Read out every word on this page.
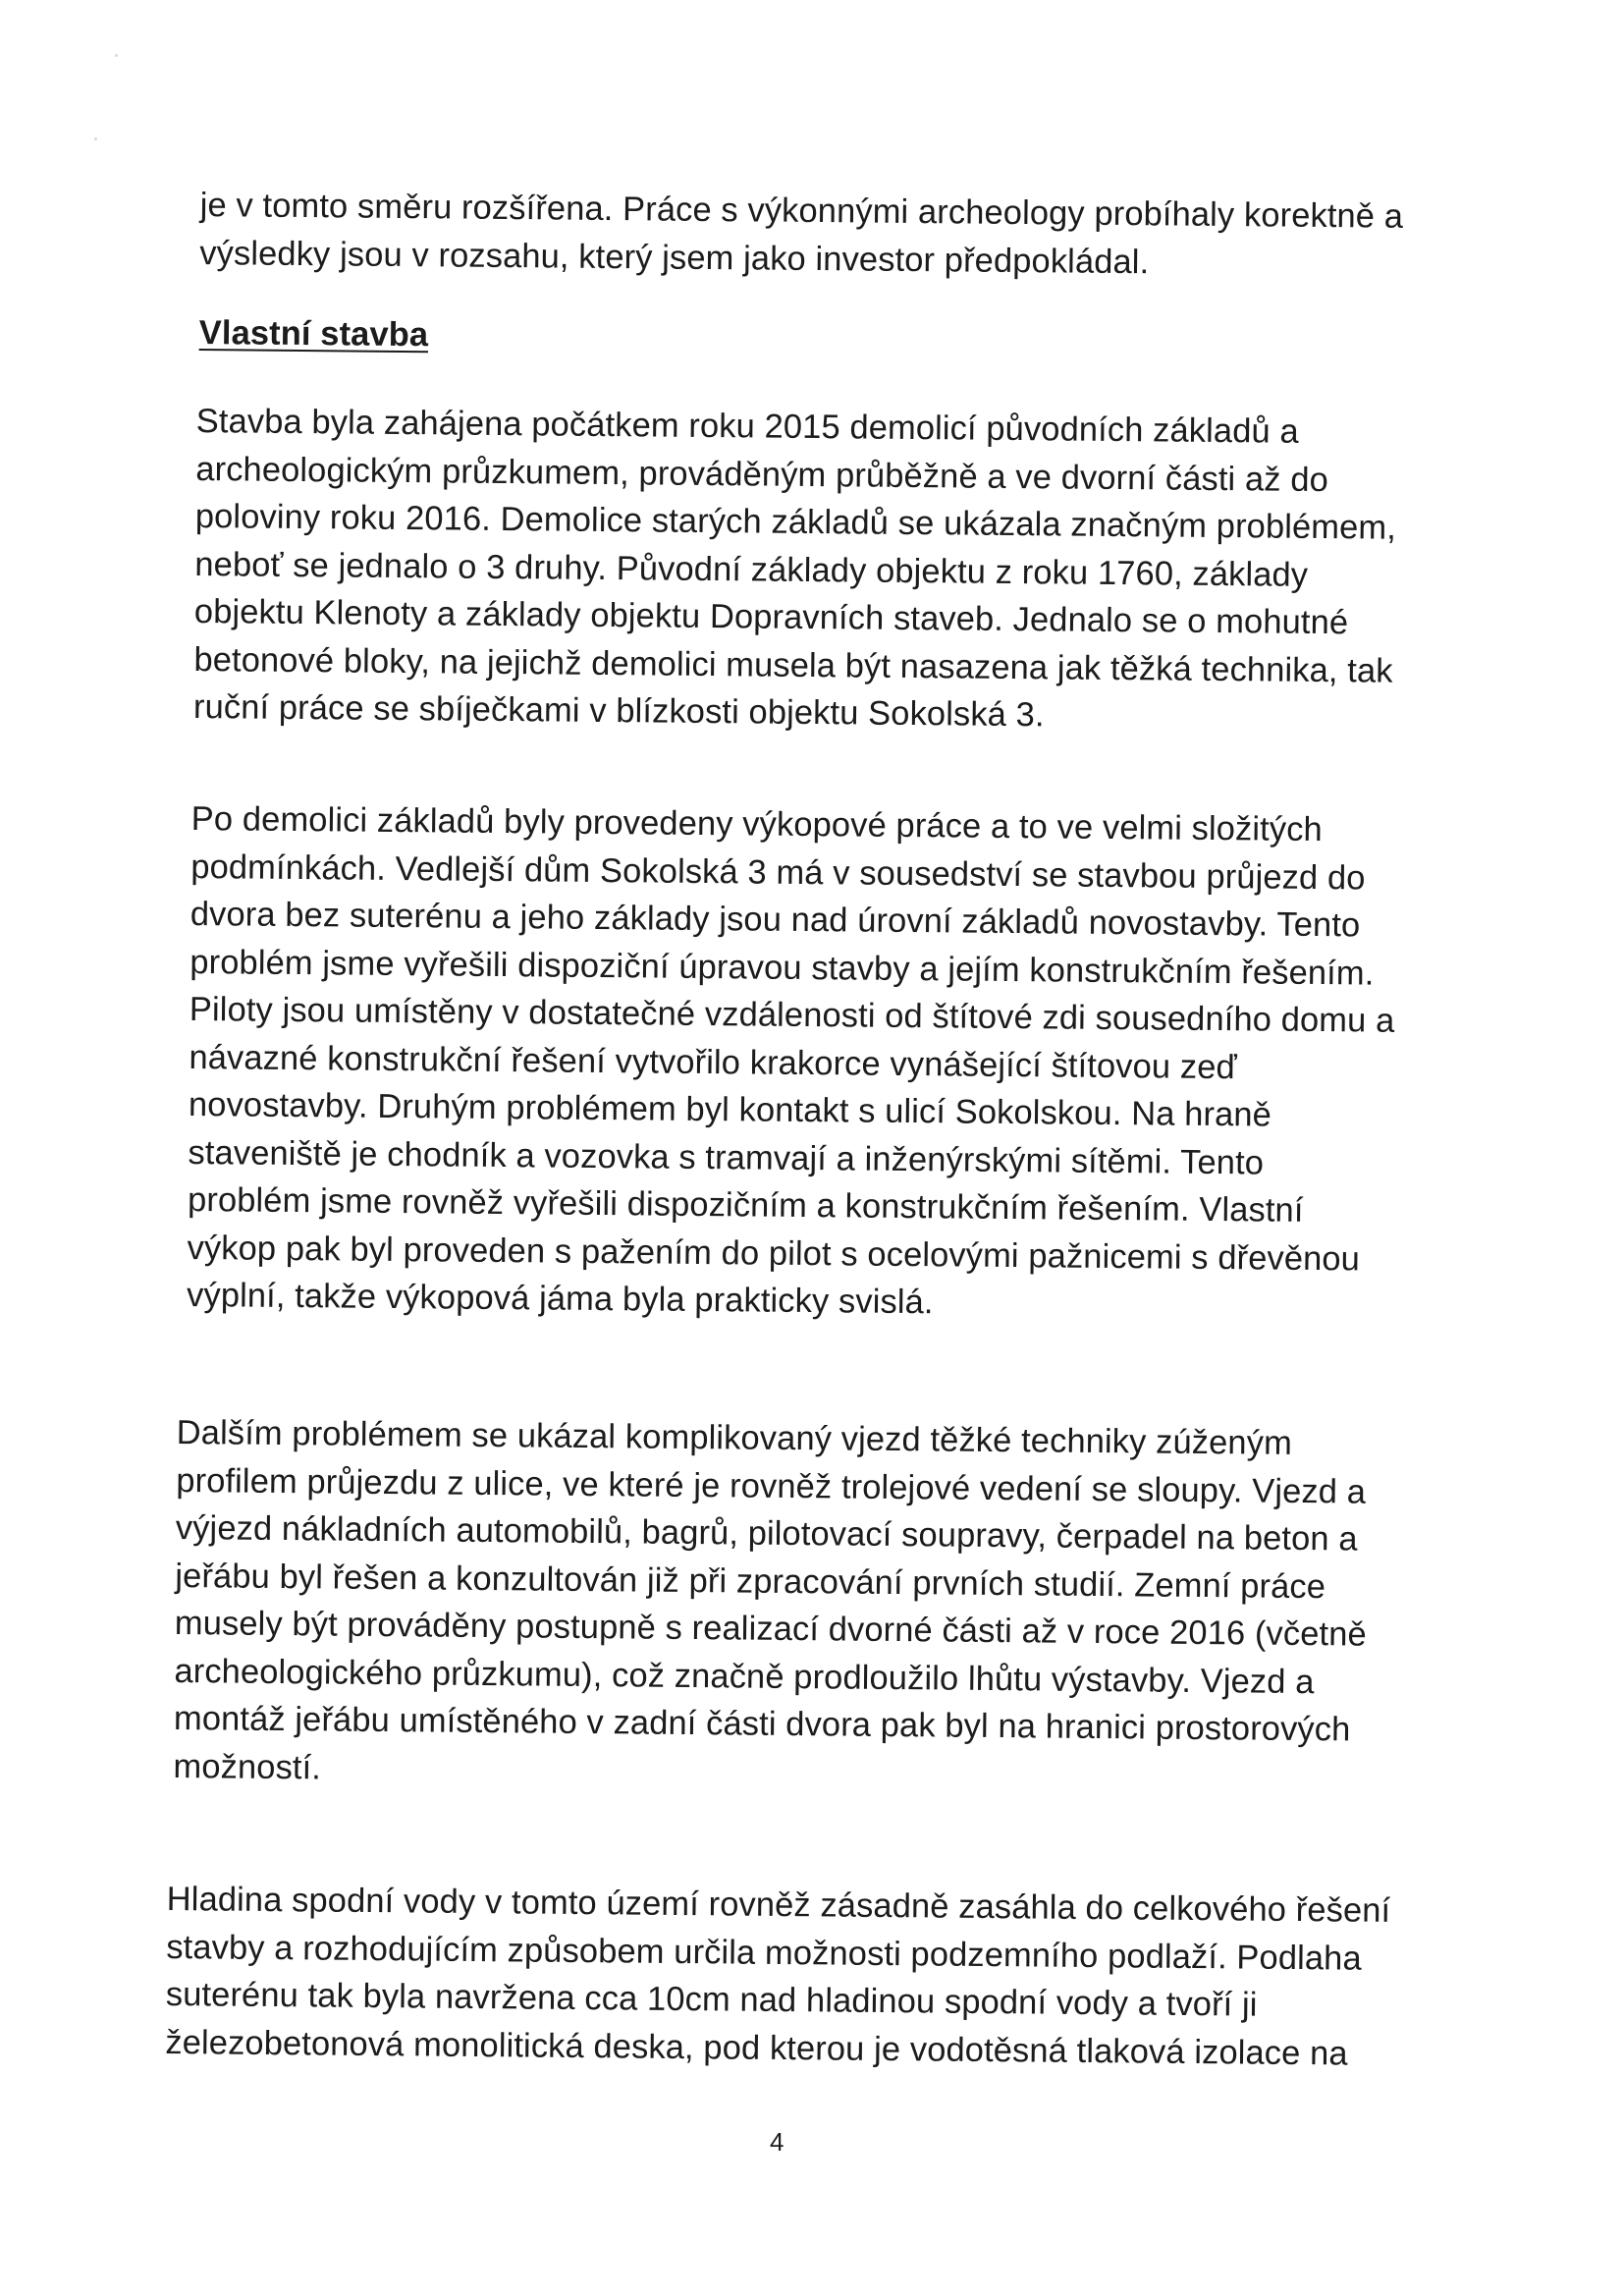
je v tomto směru rozšířena. Práce s výkonnými archeology probíhaly korektně a
výsledky jsou v rozsahu, který jsem jako investor předpokládal.
Vlastní stavba
Stavba byla zahájena počátkem roku 2015 demolicí původních základů a
archeologickým průzkumem, prováděným průběžně a ve dvorní části až do
poloviny roku 2016. Demolice starých základů se ukázala značným problémem,
neboť se jednalo o 3 druhy. Původní základy objektu z roku 1760, základy
objektu Klenoty a základy objektu Dopravních staveb. Jednalo se o mohutné
betonové bloky, na jejichž demolici musela být nasazena jak těžká technika, tak
ruční práce se sbíječkami v blízkosti objektu Sokolská 3.
Po demolici základů byly provedeny výkopové práce a to ve velmi složitých
podmínkách. Vedlejší dům Sokolská 3 má v sousedství se stavbou průjezd do
dvora bez suterénu a jeho základy jsou nad úrovní základů novostavby. Tento
problém jsme vyřešili dispoziční úpravou stavby a jejím konstrukčním řešením.
Piloty jsou umístěny v dostatečné vzdálenosti od štítové zdi sousedního domu a
návazné konstrukční řešení vytvořilo krakorce vynášející štítovou zeď
novostavby. Druhým problémem byl kontakt s ulicí Sokolskou. Na hraně
staveniště je chodník a vozovka s tramvají a inženýrskými sítěmi. Tento
problém jsme rovněž vyřešili dispozičním a konstrukčním řešením. Vlastní
výkop pak byl proveden s pažením do pilot s ocelovými pažnicemi s dřevěnou
výplní, takže výkopová jáma byla prakticky svislá.
Dalším problémem se ukázal komplikovaný vjezd těžké techniky zúženým
profilem průjezdu z ulice, ve které je rovněž trolejové vedení se sloupy. Vjezd a
výjezd nákladních automobilů, bagrů, pilotovací soupravy, čerpadel na beton a
jeřábu byl řešen a konzultován již při zpracování prvních studií. Zemní práce
musely být prováděny postupně s realizací dvorné části až v roce 2016 (včetně
archeologického průzkumu), což značně prodloužilo lhůtu výstavby. Vjezd a
montáž jeřábu umístěného v zadní části dvora pak byl na hranici prostorových
možností.
Hladina spodní vody v tomto území rovněž zásadně zasáhla do celkového řešení
stavby a rozhodujícím způsobem určila možnosti podzemního podlaží. Podlaha
suterénu tak byla navržena cca 10cm nad hladinou spodní vody a tvoří ji
železobetonová monolitická deska, pod kterou je vodotěsná tlaková izolace na
4
